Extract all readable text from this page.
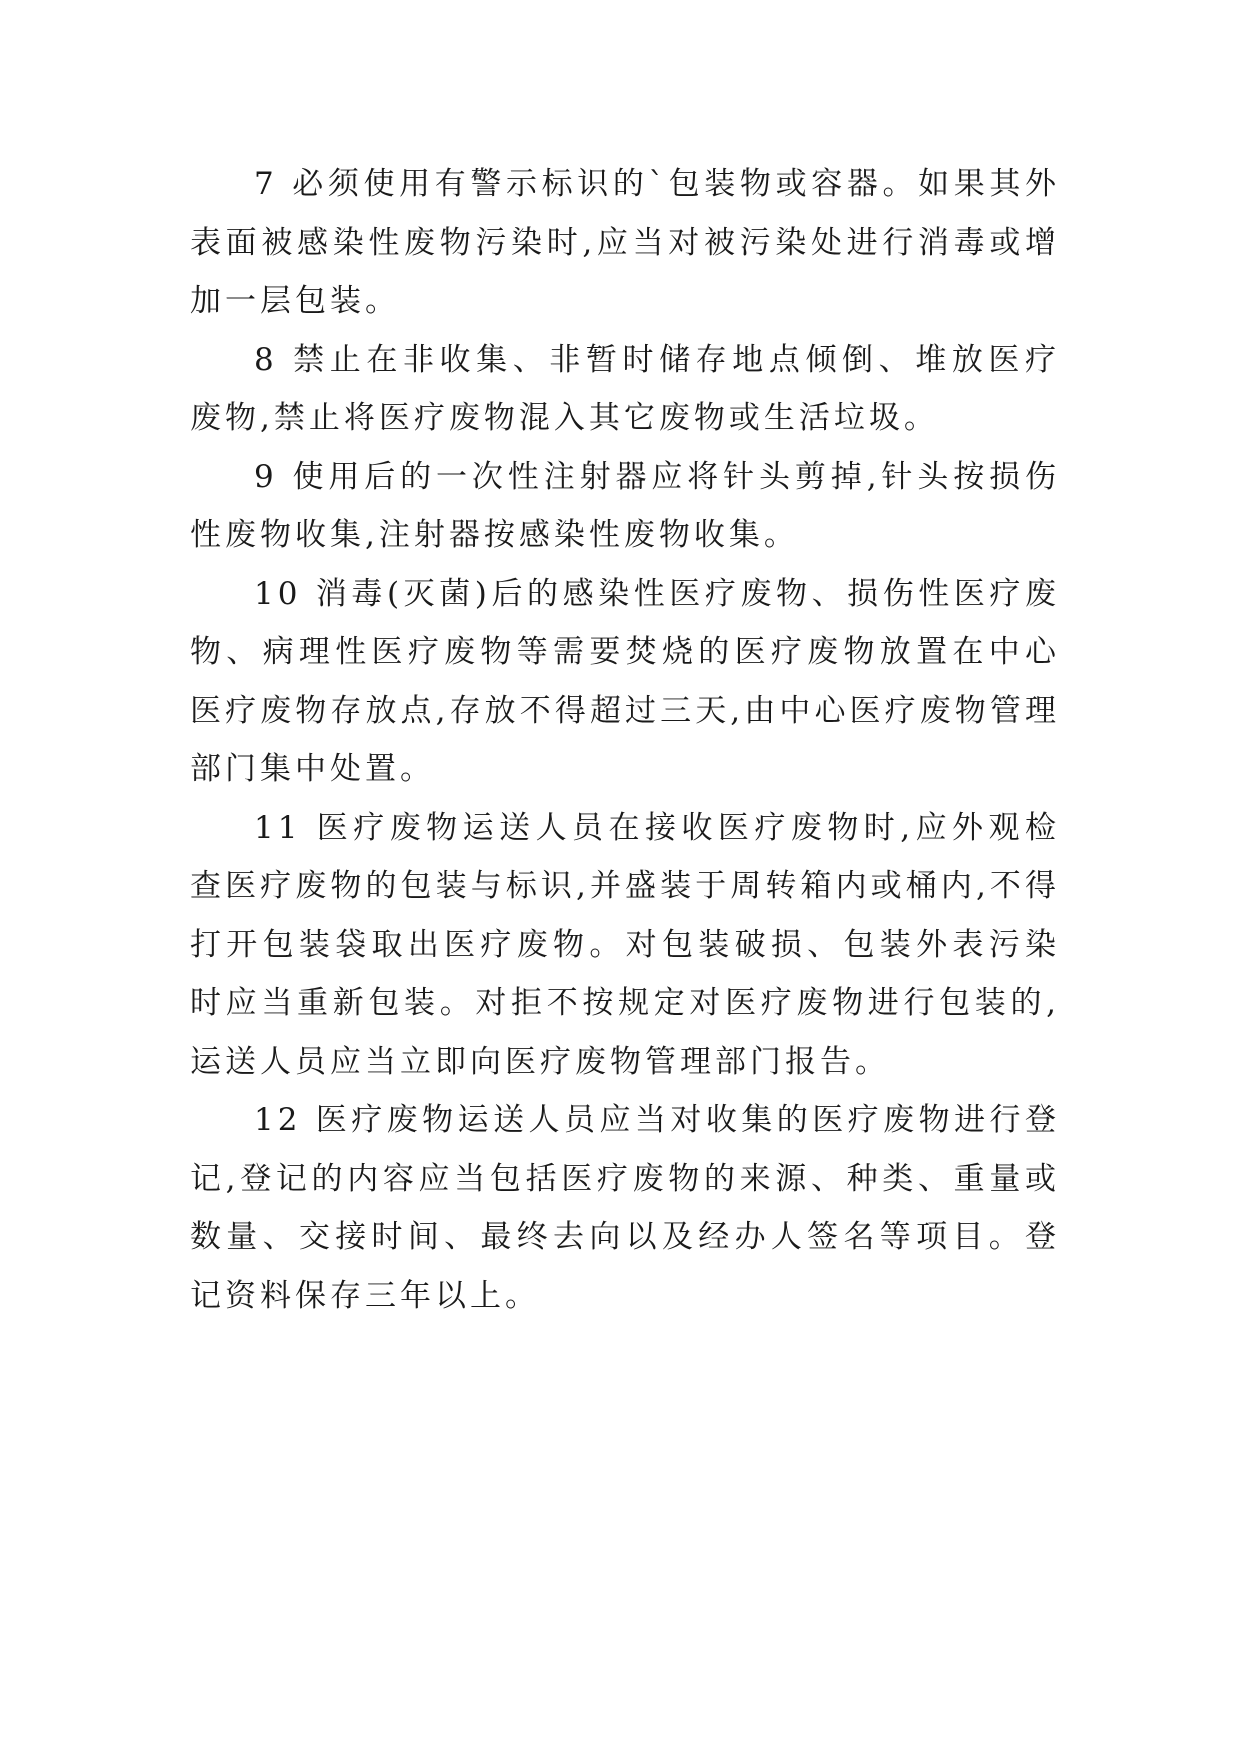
7 必须使用有警示标识的`包装物或容器。如果其外表面被感染性废物污染时,应当对被污染处进行消毒或增加一层包装。

8 禁止在非收集、非暂时储存地点倾倒、堆放医疗废物,禁止将医疗废物混入其它废物或生活垃圾。

9 使用后的一次性注射器应将针头剪掉,针头按损伤性废物收集,注射器按感染性废物收集。

10 消毒(灭菌)后的感染性医疗废物、损伤性医疗废物、病理性医疗废物等需要焚烧的医疗废物放置在中心医疗废物存放点,存放不得超过三天,由中心医疗废物管理部门集中处置。

11 医疗废物运送人员在接收医疗废物时,应外观检查医疗废物的包装与标识,并盛装于周转箱内或桶内,不得打开包装袋取出医疗废物。对包装破损、包装外表污染时应当重新包装。对拒不按规定对医疗废物进行包装的,运送人员应当立即向医疗废物管理部门报告。

12 医疗废物运送人员应当对收集的医疗废物进行登记,登记的内容应当包括医疗废物的来源、种类、重量或数量、交接时间、最终去向以及经办人签名等项目。登记资料保存三年以上。
